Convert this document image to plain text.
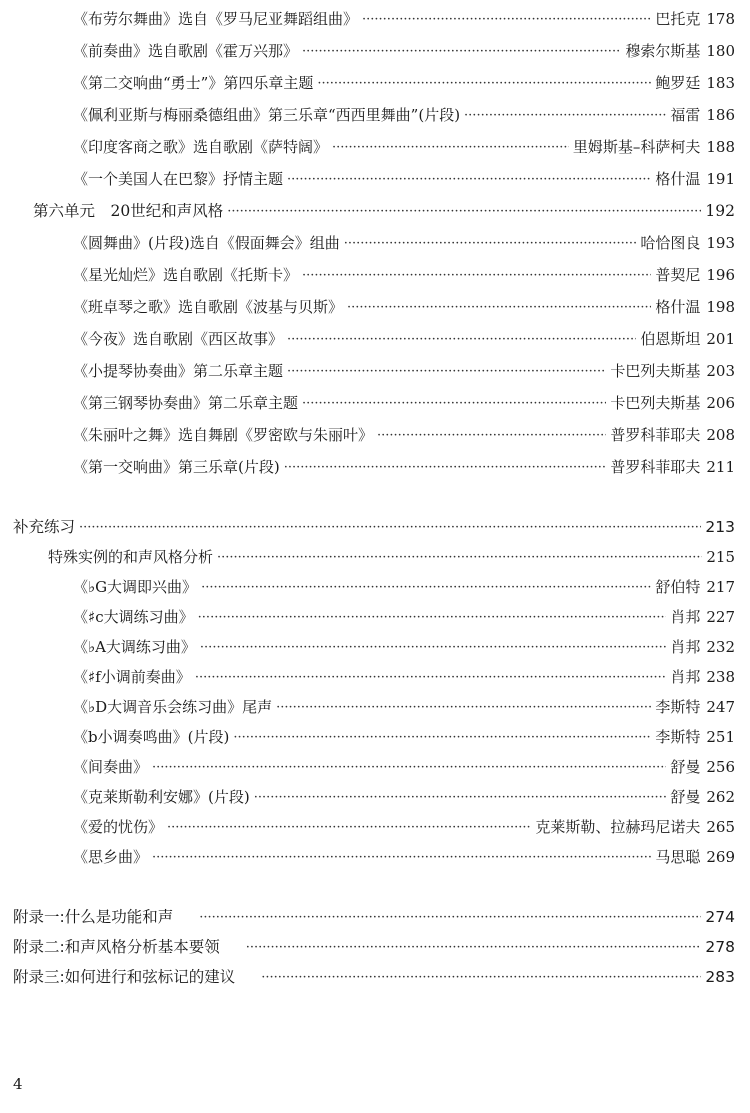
《布劳尔舞曲》选自《罗马尼亚舞蹈组曲》 ·····	巴托克 178
《前奏曲》选自歌剧《霍万兴那》 ·····	穆索尔斯基 180
《第二交响曲“勇士”》第四乐章主题 ·····	鲍罗廷 183
《佩利亚斯与梅丽桑德组曲》第三乐章“西西里舞曲”(片段) ·····	福雷 186
《印度客商之歌》选自歌剧《萨特阔》 ·····	里姆斯基–科萨柯夫 188
《一个美国人在巴黎》抒情主题 ·····	格什温 191
第六单元　20世纪和声风格 ·····	192
《圆舞曲》(片段)选自《假面舞会》组曲 ·····	哈恰图良 193
《星光灿烂》选自歌剧《托斯卡》 ·····	普契尼 196
《班卓琴之歌》选自歌剧《波基与贝斯》 ·····	格什温 198
《今夜》选自歌剧《西区故事》 ·····	伯恩斯坦 201
《小提琴协奏曲》第二乐章主题 ·····	卡巴列夫斯基 203
《第三钢琴协奏曲》第二乐章主题 ·····	卡巴列夫斯基 206
《朱丽叶之舞》选自舞剧《罗密欧与朱丽叶》 ·····	普罗科菲耶夫 208
《第一交响曲》第三乐章(片段) ·····	普罗科菲耶夫 211
补充练习 ·····	213
特殊实例的和声风格分析 ·····	215
《♭G大调即兴曲》 ·····	舒伯特 217
《♯c大调练习曲》 ·····	肖邦 227
《♭A大调练习曲》 ·····	肖邦 232
《♯f小调前奏曲》 ·····	肖邦 238
《♭D大调音乐会练习曲》尾声 ·····	李斯特 247
《b小调奏鸣曲》(片段) ·····	李斯特 251
《间奏曲》 ·····	舒曼 256
《克莱斯勒利安娜》(片段) ·····	舒曼 262
《爱的忧伤》 ·····	克莱斯勒、拉赫玛尼诺夫 265
《思乡曲》 ·····	马思聪 269
附录一:什么是功能和声 ·····	274
附录二:和声风格分析基本要领 ·····	278
附录三:如何进行和弦标记的建议 ·····	283
4
